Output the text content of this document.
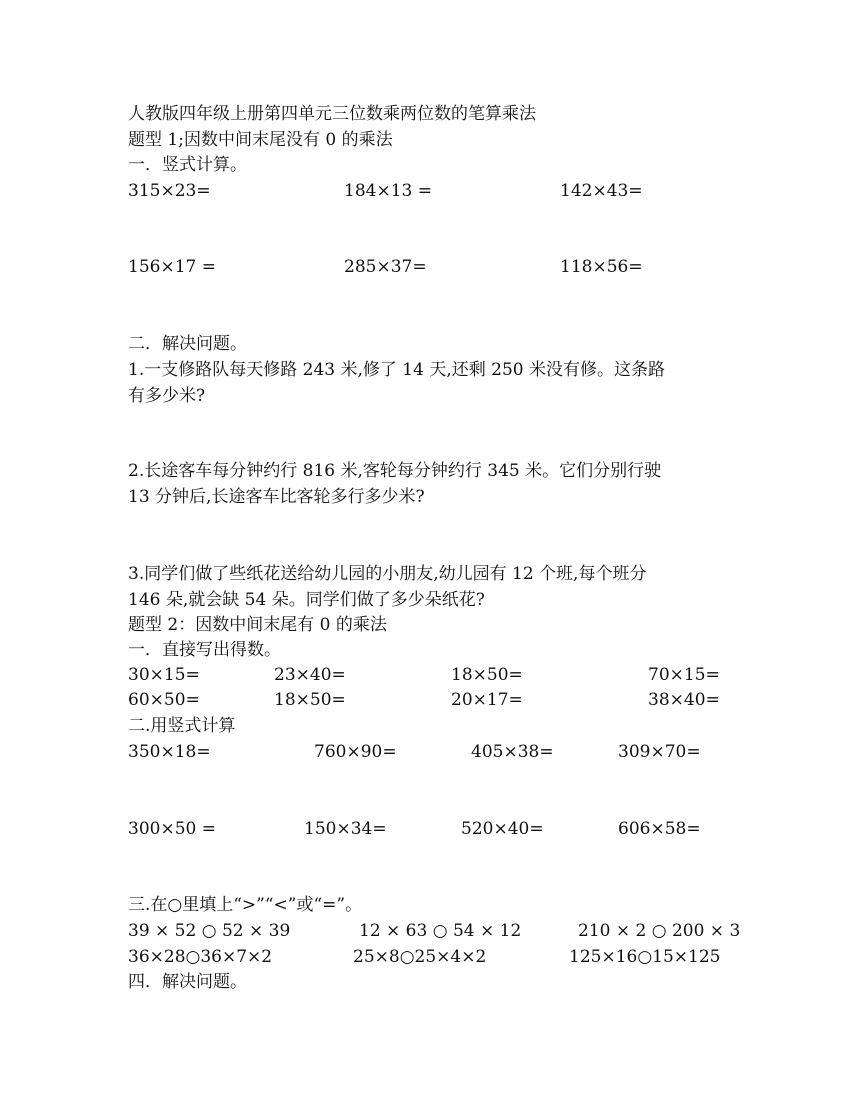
人教版四年级上册第四单元三位数乘两位数的笔算乘法
题型 1;因数中间末尾没有 0 的乘法
一．竖式计算。
315×23=	184×13 =	142×43=
156×17 =	285×37=	118×56=
二．解决问题。
1.一支修路队每天修路 243 米,修了 14 天,还剩 250 米没有修。这条路
有多少米?
2.长途客车每分钟约行 816 米,客轮每分钟约行 345 米。它们分别行驶
13 分钟后,长途客车比客轮多行多少米?
3.同学们做了些纸花送给幼儿园的小朋友,幼儿园有 12 个班,每个班分
146 朵,就会缺 54 朵。同学们做了多少朵纸花?
题型 2：因数中间末尾有 0 的乘法
一．直接写出得数。
30×15=	23×40=	18×50=	70×15=
60×50=	18×50=	20×17=	38×40=
二.用竖式计算
350×18=	760×90=	405×38=	309×70=
300×50 =	150×34=	520×40=	606×58=
三.在○里填上“>”“<”或“=”。
39 × 52 ○ 52 × 39	12 × 63 ○ 54 × 12	210 × 2 ○ 200 × 3
36×28○36×7×2	25×8○25×4×2	125×16○15×125
四．解决问题。
